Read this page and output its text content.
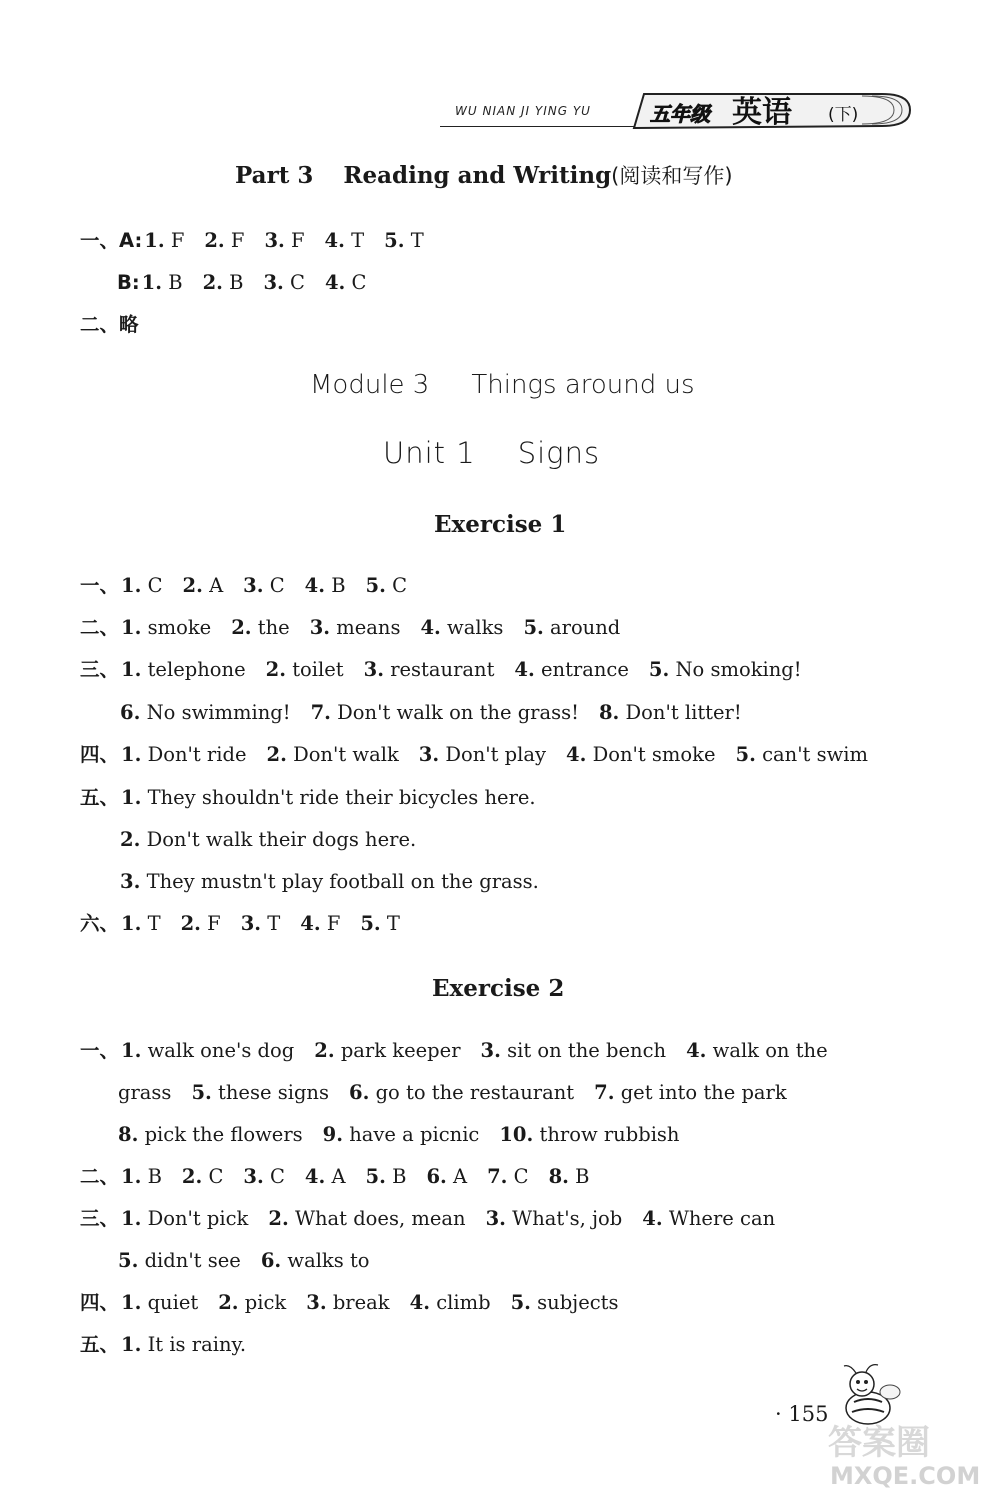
WU NIAN JI YING YU	五年级 英语 (下)
Part 3 Reading and Writing(阅读和写作)
一、A: 1. F 2. F 3. F 4. T 5. T
B: 1. B 2. B 3. C 4. C
二、略
Module 3 Things around us
Unit 1 Signs
Exercise 1
一、 1. C 2. A 3. C 4. B 5. C
二、 1. smoke 2. the 3. means 4. walks 5. around
三、 1. telephone 2. toilet 3. restaurant 4. entrance 5. No smoking!
6. No swimming! 7. Don't walk on the grass! 8. Don't litter!
四、 1. Don't ride 2. Don't walk 3. Don't play 4. Don't smoke 5. can't swim
五、 1. They shouldn't ride their bicycles here.
2. Don't walk their dogs here.
3. They mustn't play football on the grass.
六、 1. T 2. F 3. T 4. F 5. T
Exercise 2
一、 1. walk one's dog 2. park keeper 3. sit on the bench 4. walk on the
grass 5. these signs 6. go to the restaurant 7. get into the park
8. pick the flowers 9. have a picnic 10. throw rubbish
二、 1. B 2. C 3. C 4. A 5. B 6. A 7. C 8. B
三、 1. Don't pick 2. What does, mean 3. What's, job 4. Where can
5. didn't see 6. walks to
四、 1. quiet 2. pick 3. break 4. climb 5. subjects
五、 1. It is rainy.
· 155
答案圈
MXQE.COM
